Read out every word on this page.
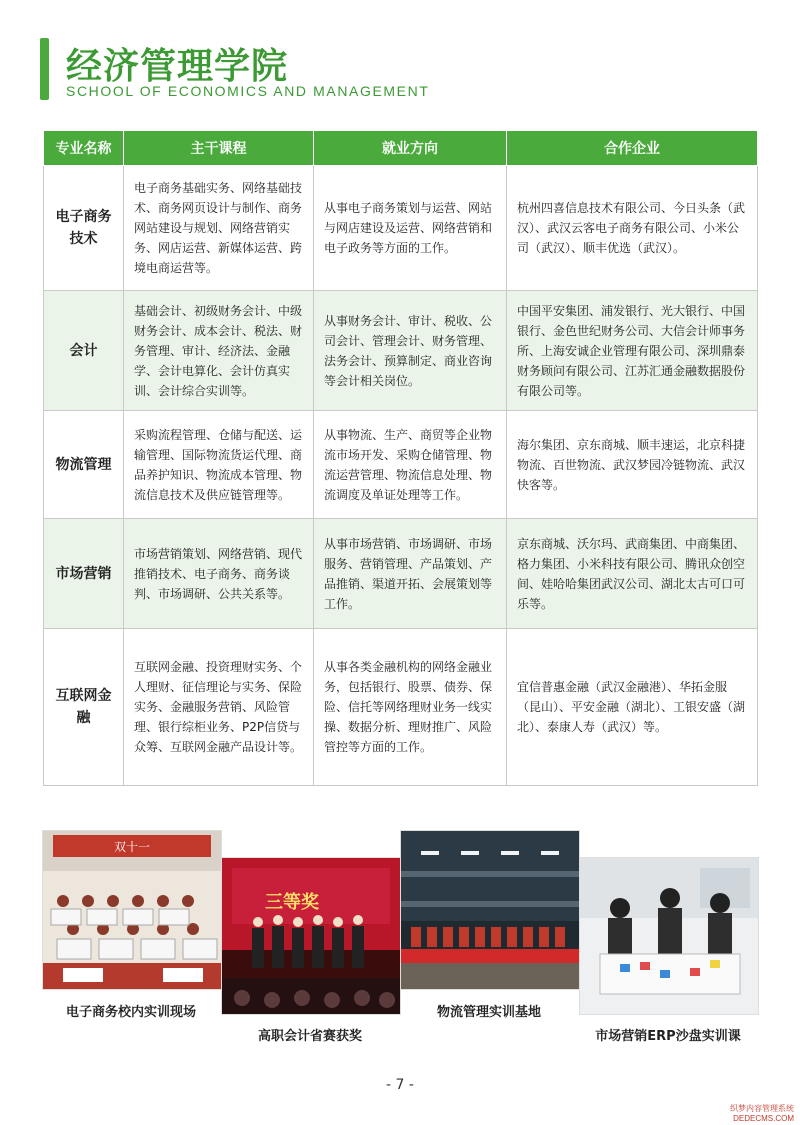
经济管理学院
SCHOOL OF ECONOMICS AND MANAGEMENT
专业名称	主干课程	就业方向	合作企业
电子商务技术	电子商务基础实务、网络基础技术、商务网页设计与制作、商务网站建设与规划、网络营销实务、网店运营、新媒体运营、跨境电商运营等。	从事电子商务策划与运营、网站与网店建设及运营、网络营销和电子政务等方面的工作。	杭州四喜信息技术有限公司、今日头条（武汉）、武汉云客电子商务有限公司、小米公司（武汉）、顺丰优选（武汉）。
会计	基础会计、初级财务会计、中级财务会计、成本会计、税法、财务管理、审计、经济法、金融学、会计电算化、会计仿真实训、会计综合实训等。	从事财务会计、审计、税收、公司会计、管理会计、财务管理、法务会计、预算制定、商业咨询等会计相关岗位。	中国平安集团、浦发银行、光大银行、中国银行、金色世纪财务公司、大信会计师事务所、上海安诚企业管理有限公司、深圳鼎泰财务顾问有限公司、江苏汇通金融数据股份有限公司等。
物流管理	采购流程管理、仓储与配送、运输管理、国际物流货运代理、商品养护知识、物流成本管理、物流信息技术及供应链管理等。	从事物流、生产、商贸等企业物流市场开发、采购仓储管理、物流运营管理、物流信息处理、物流调度及单证处理等工作。	海尔集团、京东商城、顺丰速运，北京科捷物流、百世物流、武汉梦园冷链物流、武汉快客等。
市场营销	市场营销策划、网络营销、现代推销技术、电子商务、商务谈判、市场调研、公共关系等。	从事市场营销、市场调研、市场服务、营销管理、产品策划、产品推销、渠道开拓、会展策划等工作。	京东商城、沃尔玛、武商集团、中商集团、格力集团、小米科技有限公司、腾讯众创空间、娃哈哈集团武汉公司、湖北太古可口可乐等。
互联网金融	互联网金融、投资理财实务、个人理财、征信理论与实务、保险实务、金融服务营销、风险管理、银行综柜业务、P2P信贷与众筹、互联网金融产品设计等。	从事各类金融机构的网络金融业务，包括银行、股票、债券、保险、信托等网络理财业务一线实操、数据分析、理财推广、风险管控等方面的工作。	宜信普惠金融（武汉金融港）、华拓金服（昆山）、平安金融（湖北）、工银安盛（湖北）、泰康人寿（武汉）等。
双十一
电子商务校内实训现场
三等奖
高职会计省赛获奖
物流管理实训基地
市场营销ERP沙盘实训课
- 7 -
织梦内容管理系统
DEDECMS.COM
